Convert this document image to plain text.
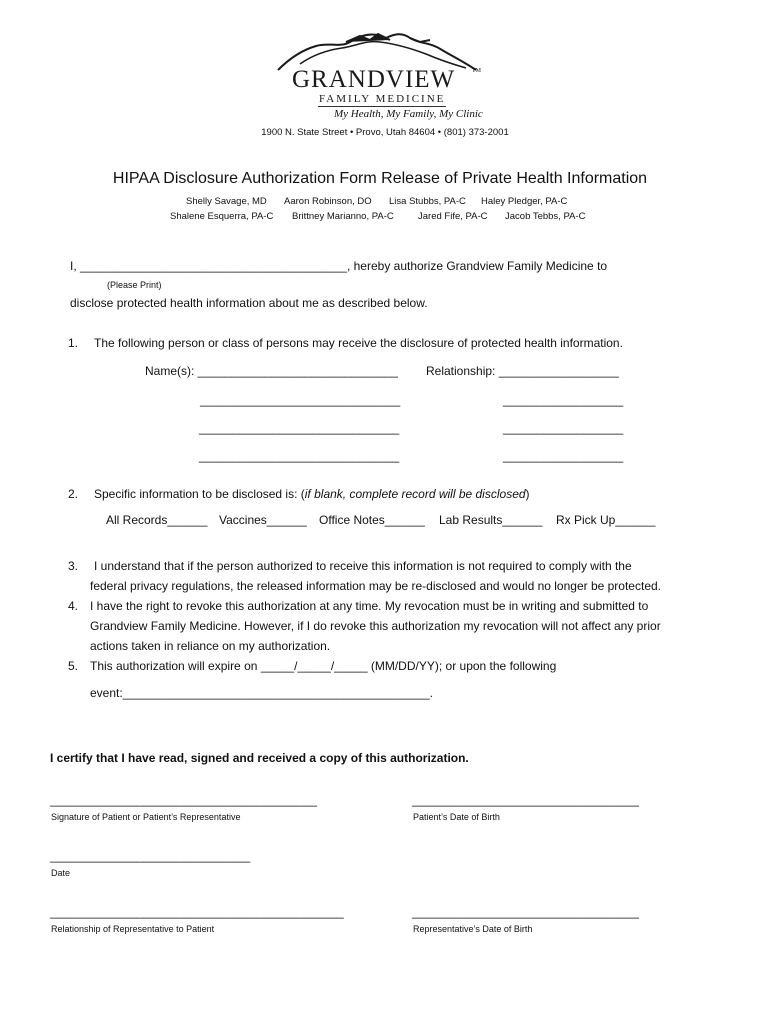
GRANDVIEW	TM
FAMILY MEDICINE
My Health, My Family, My Clinic
1900 N. State Street • Provo, Utah 84604 • (801) 373-2001
HIPAA Disclosure Authorization Form Release of Private Health Information
Shelly Savage, MD Aaron Robinson, DO Lisa Stubbs, PA-C Haley Pledger, PA-C
Shalene Esquerra, PA-C Brittney Marianno, PA-C	Jared Fife, PA-C Jacob Tebbs, PA-C
I, ________________________________________, hereby authorize Grandview Family Medicine to
(Please Print)
disclose protected health information about me as described below.
1. The following person or class of persons may receive the disclosure of protected health information.
Name(s): ______________________________ Relationship: __________________
______________________________	__________________
______________________________	__________________
______________________________	__________________
2. Specific information to be disclosed is: (if blank, complete record will be disclosed)
All Records______ Vaccines______ Office Notes______ Lab Results______ Rx Pick Up______
3. I understand that if the person authorized to receive this information is not required to comply with the
federal privacy regulations, the released information may be re-disclosed and would no longer be protected.
4. I have the right to revoke this authorization at any time. My revocation must be in writing and submitted to
Grandview Family Medicine. However, if I do revoke this authorization my revocation will not affect any prior
actions taken in reliance on my authorization.
5. This authorization will expire on _____/_____/_____ (MM/DD/YY); or upon the following
event:______________________________________________.
I certify that I have read, signed and received a copy of this authorization.
________________________________________
Signature of Patient or Patient’s Representative
__________________________________
Patient’s Date of Birth
______________________________
Date
____________________________________________
Relationship of Representative to Patient
__________________________________
Representative’s Date of Birth
